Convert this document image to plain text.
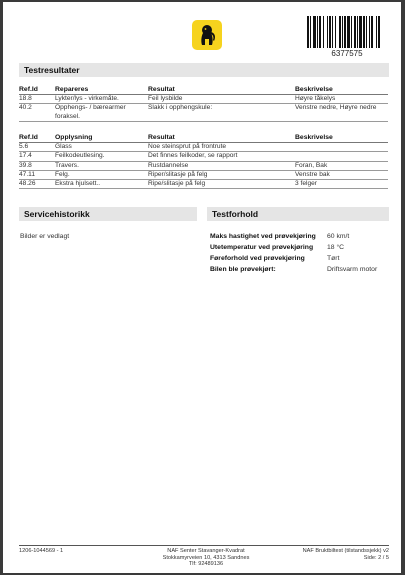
6377575
Testresultater
Ref.Id	Repareres	Resultat	Beskrivelse
18.8	Lykter/lys - virkemåte.	Feil lysbilde	Høyre tåkelys
40.2	Opphengs- / bærearmer foraksel.	Slakk i opphengskule:	Venstre nedre, Høyre nedre
Ref.Id	Opplysning	Resultat	Beskrivelse
5.6	Glass	Noe steinsprut på frontrute	
17.4	Feilkodeutlesing.	Det finnes feilkoder, se rapport	
39.8	Travers.	Rustdannelse	Foran, Bak
47.11	Felg.	Riper/slitasje på felg	Venstre bak
48.26	Ekstra hjulsett..	Ripe/slitasje på felg	3 felger
Servicehistorikk
Bilder er vedlagt
Testforhold
Maks hastighet ved prøvekjøring	60 km/t
Utetemperatur ved prøvekjøring	18 °C
Føreforhold ved prøvekjøring	Tørt
Bilen ble prøvekjørt:	Driftsvarm motor
1206-1044569 - 1	NAF Senter Stavanger-Kvadrat
Stokkamyrveien 10, 4313 Sandnes
Tlf: 92489136
NAF Bruktbiltest (tilstandssjekk) v2
Side: 2 / 5
